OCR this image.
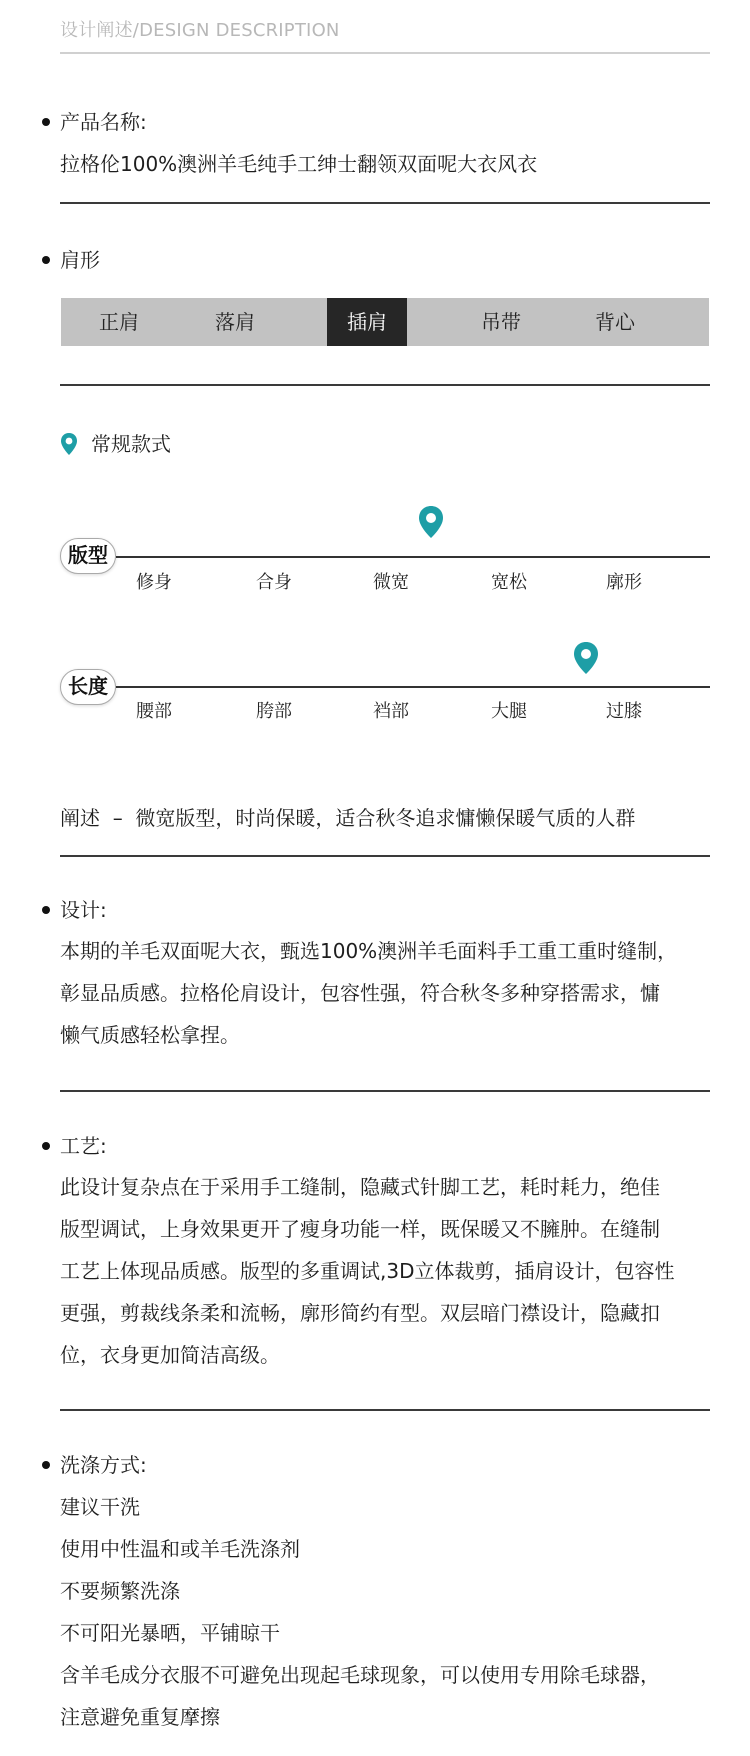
设计阐述/DESIGN DESCRIPTION
产品名称:
拉格伦100%澳洲羊毛纯手工绅士翻领双面呢大衣风衣
肩形
正肩	落肩	插肩	吊带	背心
常规款式
版型
修身	合身	微宽	宽松	廓形
长度
腰部	胯部	裆部	大腿	过膝
阐述  –  微宽版型，时尚保暖，适合秋冬追求慵懒保暖气质的人群
设计:
本期的羊毛双面呢大衣，甄选100%澳洲羊毛面料手工重工重时缝制，
彰显品质感。拉格伦肩设计，包容性强，符合秋冬多种穿搭需求，慵
懒气质感轻松拿捏。
工艺:
此设计复杂点在于采用手工缝制，隐藏式针脚工艺，耗时耗力，绝佳
版型调试，上身效果更开了瘦身功能一样，既保暖又不臃肿。在缝制
工艺上体现品质感。版型的多重调试,3D立体裁剪，插肩设计，包容性
更强，剪裁线条柔和流畅，廓形简约有型。双层暗门襟设计，隐藏扣
位，衣身更加简洁高级。
洗涤方式:
建议干洗
使用中性温和或羊毛洗涤剂
不要频繁洗涤
不可阳光暴晒，平铺晾干
含羊毛成分衣服不可避免出现起毛球现象，可以使用专用除毛球器，
注意避免重复摩擦
